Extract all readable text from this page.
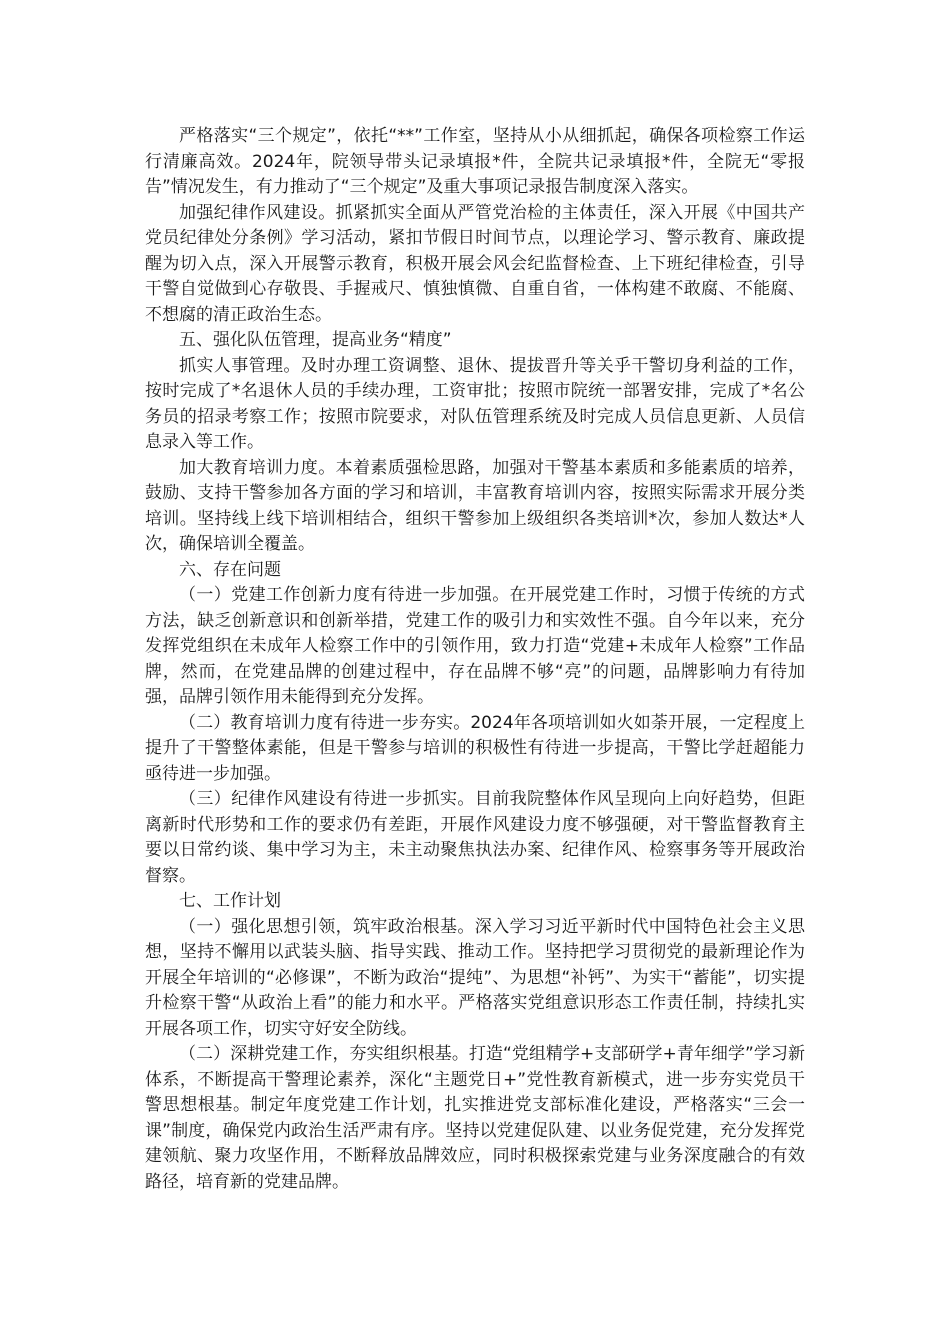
严格落实“三个规定”，依托“**”工作室，坚持从小从细抓起，确保各项检察工作运行清廉高效。2024年，院领导带头记录填报*件，全院共记录填报*件，全院无“零报告”情况发生，有力推动了“三个规定”及重大事项记录报告制度深入落实。

加强纪律作风建设。抓紧抓实全面从严管党治检的主体责任，深入开展《中国共产党员纪律处分条例》学习活动，紧扣节假日时间节点，以理论学习、警示教育、廉政提醒为切入点，深入开展警示教育，积极开展会风会纪监督检查、上下班纪律检查，引导干警自觉做到心存敬畏、手握戒尺、慎独慎微、自重自省，一体构建不敢腐、不能腐、不想腐的清正政治生态。

五、强化队伍管理，提高业务“精度”

抓实人事管理。及时办理工资调整、退休、提拔晋升等关乎干警切身利益的工作，按时完成了*名退休人员的手续办理，工资审批；按照市院统一部署安排，完成了*名公务员的招录考察工作；按照市院要求，对队伍管理系统及时完成人员信息更新、人员信息录入等工作。

加大教育培训力度。本着素质强检思路，加强对干警基本素质和多能素质的培养，鼓励、支持干警参加各方面的学习和培训，丰富教育培训内容，按照实际需求开展分类培训。坚持线上线下培训相结合，组织干警参加上级组织各类培训*次，参加人数达*人次，确保培训全覆盖。

六、存在问题

（一）党建工作创新力度有待进一步加强。在开展党建工作时，习惯于传统的方式方法，缺乏创新意识和创新举措，党建工作的吸引力和实效性不强。自今年以来，充分发挥党组织在未成年人检察工作中的引领作用，致力打造“党建+未成年人检察”工作品牌，然而，在党建品牌的创建过程中，存在品牌不够“亮”的问题，品牌影响力有待加强，品牌引领作用未能得到充分发挥。

（二）教育培训力度有待进一步夯实。2024年各项培训如火如荼开展，一定程度上提升了干警整体素能，但是干警参与培训的积极性有待进一步提高，干警比学赶超能力亟待进一步加强。

（三）纪律作风建设有待进一步抓实。目前我院整体作风呈现向上向好趋势，但距离新时代形势和工作的要求仍有差距，开展作风建设力度不够强硬，对干警监督教育主要以日常约谈、集中学习为主，未主动聚焦执法办案、纪律作风、检察事务等开展政治督察。

七、工作计划

（一）强化思想引领，筑牢政治根基。深入学习习近平新时代中国特色社会主义思想，坚持不懈用以武装头脑、指导实践、推动工作。坚持把学习贯彻党的最新理论作为开展全年培训的“必修课”，不断为政治“提纯”、为思想“补钙”、为实干“蓄能”，切实提升检察干警“从政治上看”的能力和水平。严格落实党组意识形态工作责任制，持续扎实开展各项工作，切实守好安全防线。

（二）深耕党建工作，夯实组织根基。打造“党组精学+支部研学+青年细学”学习新体系，不断提高干警理论素养，深化“主题党日+”党性教育新模式，进一步夯实党员干警思想根基。制定年度党建工作计划，扎实推进党支部标准化建设，严格落实“三会一课”制度，确保党内政治生活严肃有序。坚持以党建促队建、以业务促党建，充分发挥党建领航、聚力攻坚作用，不断释放品牌效应，同时积极探索党建与业务深度融合的有效路径，培育新的党建品牌。
